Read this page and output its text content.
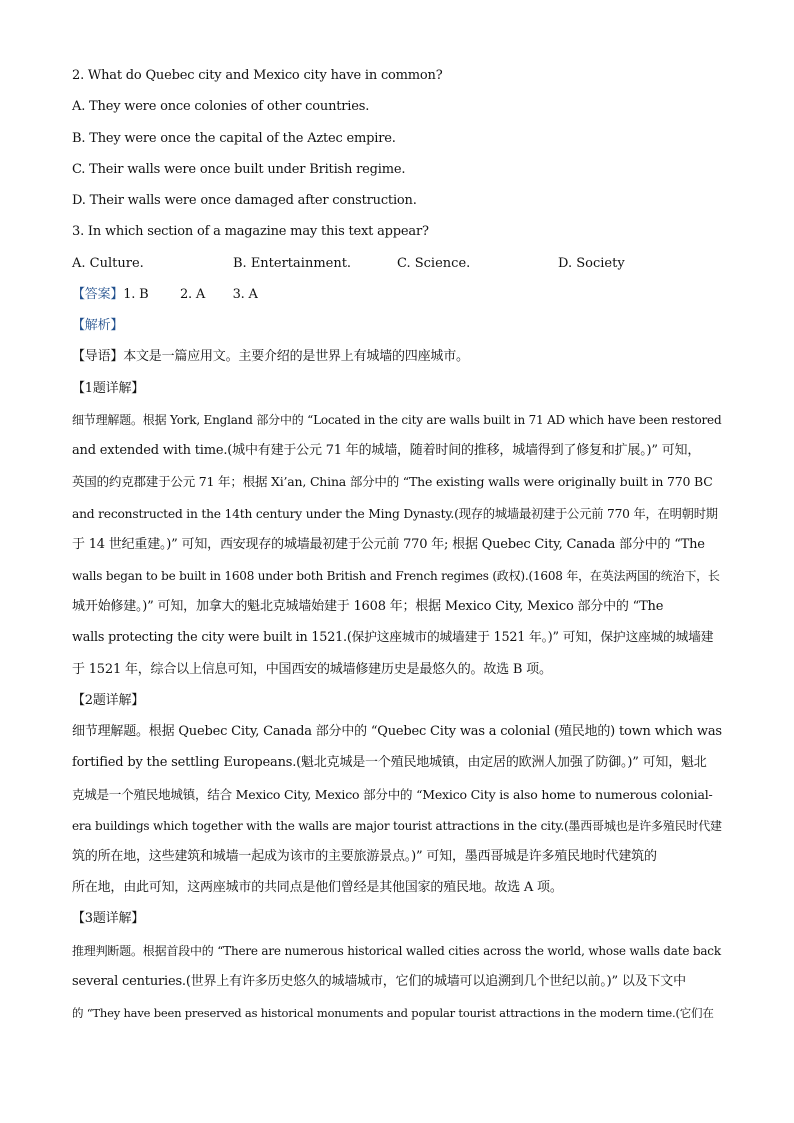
2. What do Quebec city and Mexico city have in common?
A. They were once colonies of other countries.
B. They were once the capital of the Aztec empire.
C. Their walls were once built under British regime.
D. Their walls were once damaged after construction.
3. In which section of a magazine may this text appear?
A. Culture.	B. Entertainment.	C. Science.	D. Society
【答案】1. B        2. A       3. A
【解析】
【导语】本文是一篇应用文。主要介绍的是世界上有城墙的四座城市。
【1题详解】
细节理解题。根据 York, England 部分中的 “Located in the city are walls built in 71 AD which have been restored
and extended with time.(城中有建于公元 71 年的城墙，随着时间的推移，城墙得到了修复和扩展。)” 可知，
英国的约克郡建于公元 71 年；根据 Xi’an, China 部分中的 “The existing walls were originally built in 770 BC
and reconstructed in the 14th century under the Ming Dynasty.(现存的城墙最初建于公元前 770 年，在明朝时期
于 14 世纪重建。)” 可知，西安现存的城墙最初建于公元前 770 年; 根据 Quebec City, Canada 部分中的 “The
walls began to be built in 1608 under both British and French regimes (政权).(1608 年，在英法两国的统治下，长
城开始修建。)” 可知，加拿大的魁北克城墙始建于 1608 年；根据 Mexico City, Mexico 部分中的 “The
walls protecting the city were built in 1521.(保护这座城市的城墙建于 1521 年。)” 可知，保护这座城的城墙建
于 1521 年，综合以上信息可知，中国西安的城墙修建历史是最悠久的。故选 B 项。
【2题详解】
细节理解题。根据 Quebec City, Canada 部分中的 “Quebec City was a colonial (殖民地的) town which was
fortified by the settling Europeans.(魁北克城是一个殖民地城镇，由定居的欧洲人加强了防御。)” 可知，魁北
克城是一个殖民地城镇，结合 Mexico City, Mexico 部分中的 “Mexico City is also home to numerous colonial-
era buildings which together with the walls are major tourist attractions in the city.(墨西哥城也是许多殖民时代建
筑的所在地，这些建筑和城墙一起成为该市的主要旅游景点。)” 可知，墨西哥城是许多殖民地时代建筑的
所在地，由此可知，这两座城市的共同点是他们曾经是其他国家的殖民地。故选 A 项。
【3题详解】
推理判断题。根据首段中的 “There are numerous historical walled cities across the world, whose walls date back
several centuries.(世界上有许多历史悠久的城墙城市，它们的城墙可以追溯到几个世纪以前。)” 以及下文中
的 “They have been preserved as historical monuments and popular tourist attractions in the modern time.(它们在
